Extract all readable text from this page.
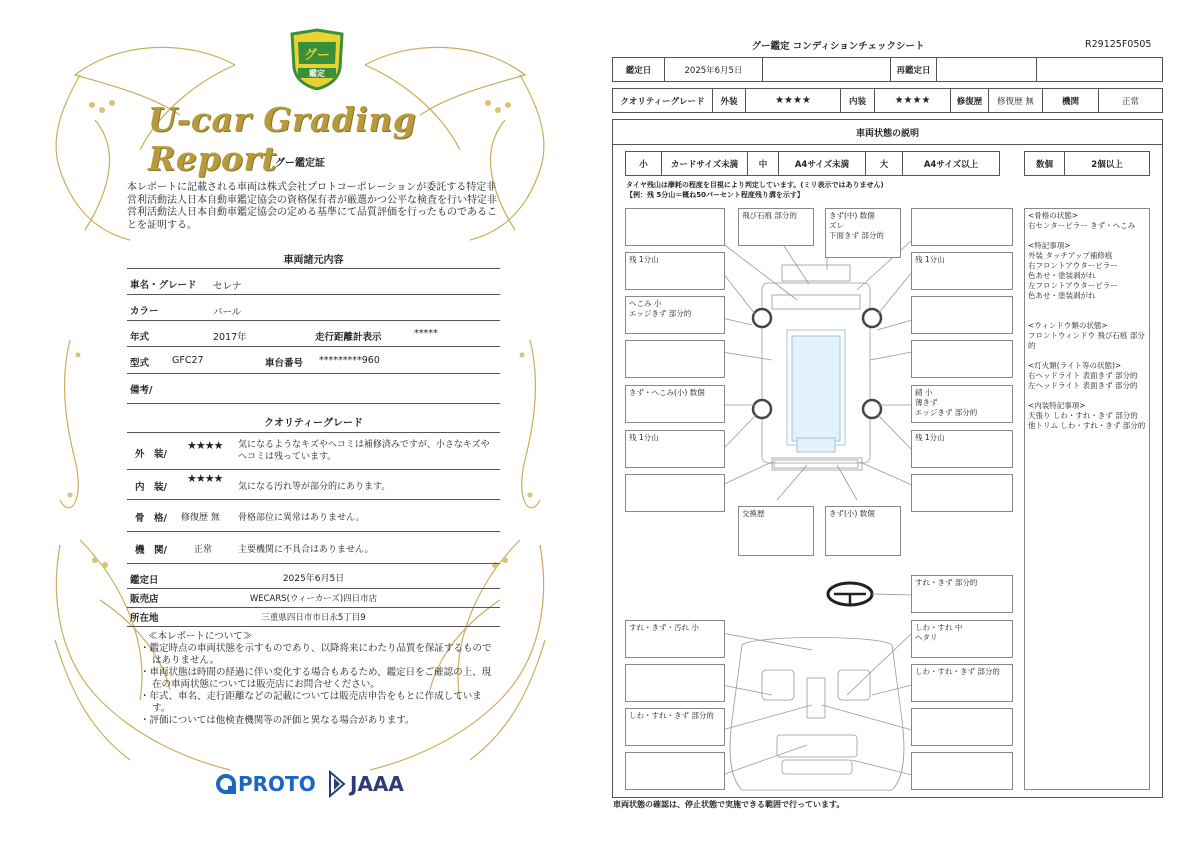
グー
鑑定
U-car Grading Report
グー鑑定証
本レポートに記載される車両は株式会社プロトコーポレーションが委託する特定非営利活動法人日本自動車鑑定協会の資格保有者が厳選かつ公平な検査を行い特定非営利活動法人日本自動車鑑定協会の定める基準にて品質評価を行ったものであることを証明する。
車両諸元内容
車名・グレード セレナ
カラー	パール
年式	2017年	走行距離計表示	*****
型式 GFC27	車台番号 *********960
備考/
クオリティーグレード
外　装/
★★★★ 気になるようなキズやヘコミは補修済みですが、小さなキズやヘコミは残っています。
内　装/
★★★★
気になる汚れ等が部分的にあります。
骨　格/ 修復歴 無 骨格部位に異常はありません。
機　関/	正常	主要機関に不具合はありません。
鑑定日	2025年6月5日
販売店	WECARS(ウィーカーズ)四日市店
所在地	三重県四日市市日永5丁目9
≪本レポートについて≫
・鑑定時点の車両状態を示すものであり、以降将来にわたり品質を保証するものではありません。
・車両状態は時間の経過に伴い変化する場合もあるため、鑑定日をご確認の上、現在の車両状態については販売店にお問合せください。
・年式、車名、走行距離などの記載については販売店申告をもとに作成しています。
・評価については他検査機関等の評価と異なる場合があります。
PROTO JAAA
グー鑑定 コンディションチェックシート	R29125F0505
鑑定日	2025年6月5日	再鑑定日
クオリティーグレード	外装	★★★★	内装	★★★★	修復歴	修復歴 無	機関	正常
車両状態の説明
小	カードサイズ未満	中	A4サイズ未満	大	A4サイズ以上	数個	2個以上
タイヤ残山は摩耗の程度を目視により判定しています。(ミリ表示ではありません)
【例：残 5分山＝概ね50パーセント程度残り溝を示す】
飛び石痕 部分的	きず(中) 数個
ズレ
下面きず 部分的
残 1分山	残 1分山
へこみ 小
エッジきず 部分的
きず・へこみ(小) 数個	錆 小
薄きず
エッジきず 部分的
残 1分山	残 1分山
交換歴	きず(小) 数個
すれ・きず 部分的
すれ・きず・汚れ 小	しわ・すれ 中
ヘタリ
しわ・すれ・きず 部分的
しわ・すれ・きず 部分的
<骨格の状態>
右センターピラー きず・へこみ
<特記事項>
外装 タッチアップ補修痕
右フロントアウターピラー
色あせ・塗装剥がれ
左フロントアウターピラー
色あせ・塗装剥がれ
<ウィンドウ類の状態>
フロントウィンドウ 飛び石痕 部分的
<灯火類(ライト等の状態)>
右ヘッドライト 表面きず 部分的
左ヘッドライト 表面きず 部分的
<内装特記事項>
天張り しわ・すれ・きず 部分的
他トリム しわ・すれ・きず 部分的
車両状態の確認は、停止状態で実施できる範囲で行っています。
